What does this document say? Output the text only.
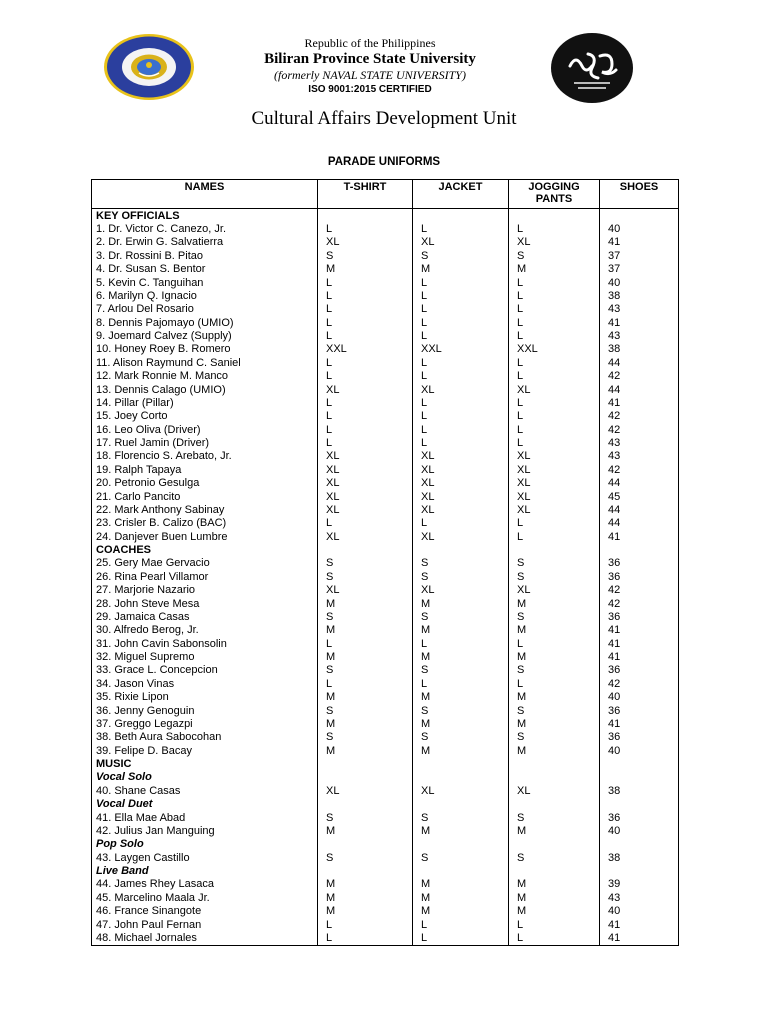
Republic of the Philippines
Biliran Province State University
(formerly NAVAL STATE UNIVERSITY)
ISO 9001:2015 CERTIFIED
Cultural Affairs Development Unit
PARADE UNIFORMS
NAMES	T-SHIRT	JACKET	JOGGING PANTS	SHOES
KEY OFFICIALS				
1. Dr. Victor C. Canezo, Jr.	L	L	L	40
2. Dr. Erwin G. Salvatierra	XL	XL	XL	41
3. Dr. Rossini B. Pitao	S	S	S	37
4. Dr. Susan S. Bentor	M	M	M	37
5. Kevin C. Tanguihan	L	L	L	40
6. Marilyn Q. Ignacio	L	L	L	38
7. Arlou Del Rosario	L	L	L	43
8. Dennis Pajomayo (UMIO)	L	L	L	41
9. Joemard Calvez (Supply)	L	L	L	43
10. Honey Roey B. Romero	XXL	XXL	XXL	38
11. Alison Raymund C. Saniel	L	L	L	44
12. Mark Ronnie M. Manco	L	L	L	42
13. Dennis Calago (UMIO)	XL	XL	XL	44
14. Pillar (Pillar)	L	L	L	41
15. Joey Corto	L	L	L	42
16. Leo Oliva (Driver)	L	L	L	42
17. Ruel Jamin (Driver)	L	L	L	43
18. Florencio S. Arebato, Jr.	XL	XL	XL	43
19. Ralph Tapaya	XL	XL	XL	42
20. Petronio Gesulga	XL	XL	XL	44
21. Carlo Pancito	XL	XL	XL	45
22. Mark Anthony Sabinay	XL	XL	XL	44
23. Crisler B. Calizo (BAC)	L	L	L	44
24. Danjever Buen Lumbre	XL	XL	L	41
COACHES				
25. Gery Mae Gervacio	S	S	S	36
26. Rina Pearl Villamor	S	S	S	36
27. Marjorie Nazario	XL	XL	XL	42
28. John Steve Mesa	M	M	M	42
29. Jamaica Casas	S	S	S	36
30. Alfredo Berog, Jr.	M	M	M	41
31. John Cavin Sabonsolin	L	L	L	41
32. Miguel Supremo	M	M	M	41
33. Grace L. Concepcion	S	S	S	36
34. Jason Vinas	L	L	L	42
35. Rixie Lipon	M	M	M	40
36. Jenny Genoguin	S	S	S	36
37. Greggo Legazpi	M	M	M	41
38. Beth Aura Sabocohan	S	S	S	36
39. Felipe D. Bacay	M	M	M	40
MUSIC				
Vocal Solo				
40. Shane Casas	XL	XL	XL	38
Vocal Duet				
41. Ella Mae Abad	S	S	S	36
42. Julius Jan Manguing	M	M	M	40
Pop Solo				
43. Laygen Castillo	S	S	S	38
Live Band				
44. James Rhey Lasaca	M	M	M	39
45. Marcelino Maala Jr.	M	M	M	43
46. France Sinangote	M	M	M	40
47. John Paul Fernan	L	L	L	41
48. Michael Jornales	L	L	L	41
